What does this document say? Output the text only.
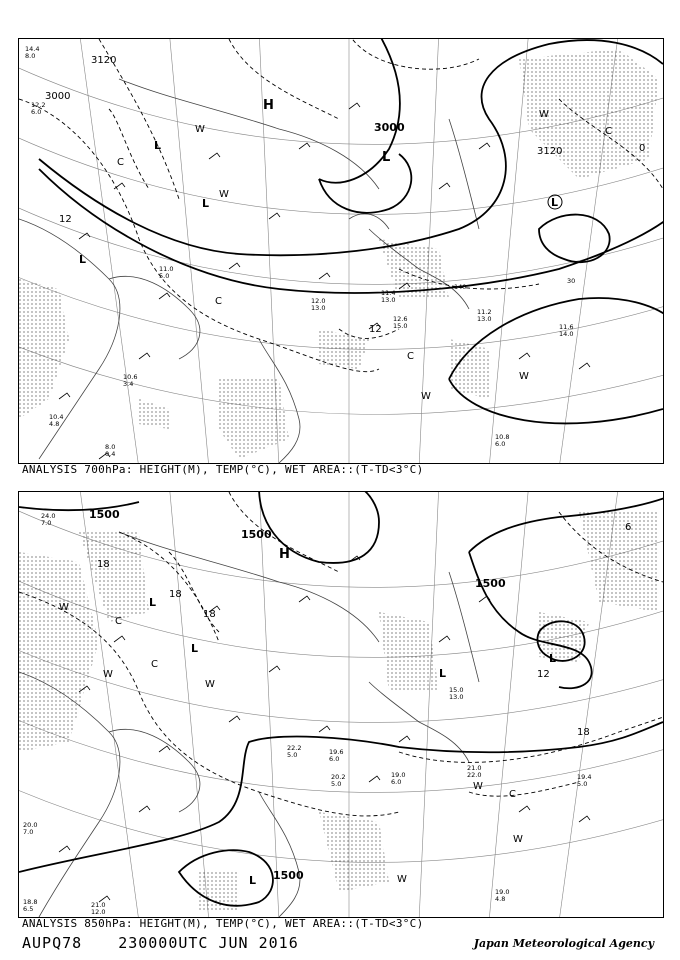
3120
3000
3120
3000
12
12
0
140
30
H
L
L
L
L
L
C
C
C
C
W
W
W
W
W
14.4
8.0
12.2
6.0
11.2
13.0
11.6
14.0
10.8
6.0
12.6
15.0
11.4
13.0
12.0
13.0
10.6
3.4
11.0
5.0
8.0
0.4
10.4
4.8
ANALYSIS 700hPa: HEIGHT(M), TEMP(°C), WET AREA::(T-TD<3°C)
1500
1500
1500
1500
18
18
18
12
18
6
H
L
L
L
L
L
C
C
C
W
W
W
W
W
W
24.0
7.0
19.0
6.0
19.6
6.0
21.0
22.0	19.4
5.0
19.0
4.8
20.2
5.0
18.8
6.5
20.0
7.0
21.0
12.0
22.2
5.0
15.0
13.0
ANALYSIS 850hPa: HEIGHT(M), TEMP(°C), WET AREA::(T-TD<3°C)
AUPQ78 230000UTC JUN 2016	Japan Meteorological Agency
